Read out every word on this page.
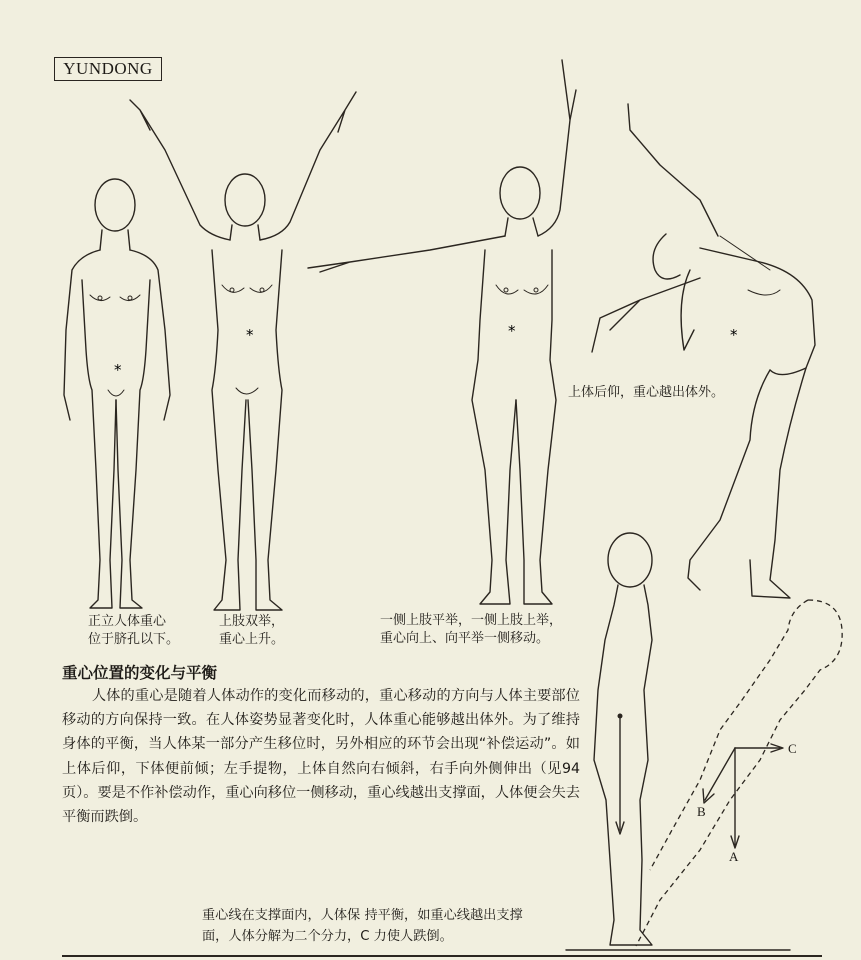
YUNDONG
*
*	*	*
正立人体重心
位于脐孔以下。
上肢双举，
重心上升。
一侧上肢平举，一侧上肢上举，
重心向上、向平举一侧移动。
上体后仰，重心越出体外。
重心位置的变化与平衡
人体的重心是随着人体动作的变化而移动的，重心移动的方向与人体主要部位移动的方向保持一致。在人体姿势显著变化时，人体重心能够越出体外。为了维持身体的平衡，当人体某一部分产生移位时，另外相应的环节会出现“补偿运动”。如上体后仰，下体便前倾；左手提物，上体自然向右倾斜，右手向外侧伸出（见94页）。要是不作补偿动作，重心向移位一侧移动，重心线越出支撑面，人体便会失去平衡而跌倒。
C
B
A
重心线在支撑面内，人体保 持平衡，如重心线越出支撑
面，人体分解为二个分力，C 力使人跌倒。
